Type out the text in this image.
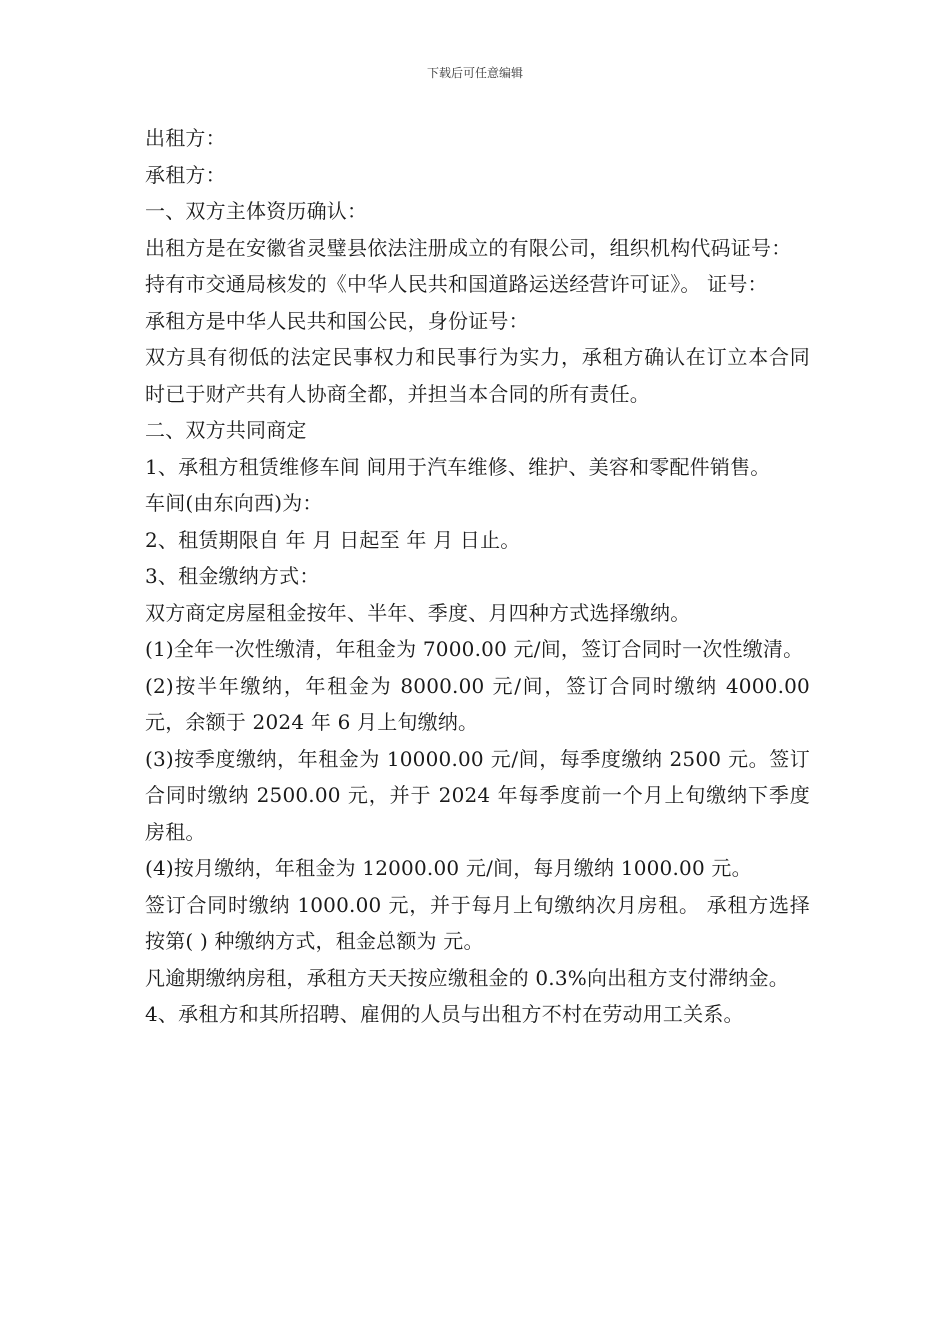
下载后可任意编辑

出租方：

承租方：

一、双方主体资历确认：

出租方是在安徽省灵璧县依法注册成立的有限公司，组织机构代码证号：

持有市交通局核发的《中华人民共和国道路运送经营许可证》。 证号：

承租方是中华人民共和国公民，身份证号：

双方具有彻低的法定民事权力和民事行为实力，承租方确认在订立本合同时已于财产共有人协商全都，并担当本合同的所有责任。

二、双方共同商定

1、承租方租赁维修车间 间用于汽车维修、维护、美容和零配件销售。

车间(由东向西)为：

2、租赁期限自 年 月 日起至 年 月 日止。

3、租金缴纳方式：

双方商定房屋租金按年、半年、季度、月四种方式选择缴纳。

(1)全年一次性缴清，年租金为 7000.00 元/间，签订合同时一次性缴清。

(2)按半年缴纳，年租金为 8000.00 元/间，签订合同时缴纳 4000.00 元，余额于 2024 年 6 月上旬缴纳。

(3)按季度缴纳，年租金为 10000.00 元/间，每季度缴纳 2500 元。签订合同时缴纳 2500.00 元，并于 2024 年每季度前一个月上旬缴纳下季度房租。

(4)按月缴纳，年租金为 12000.00 元/间，每月缴纳 1000.00 元。

签订合同时缴纳 1000.00 元，并于每月上旬缴纳次月房租。 承租方选择按第( ) 种缴纳方式，租金总额为 元。

凡逾期缴纳房租，承租方天天按应缴租金的 0.3%向出租方支付滞纳金。

4、承租方和其所招聘、雇佣的人员与出租方不村在劳动用工关系。
